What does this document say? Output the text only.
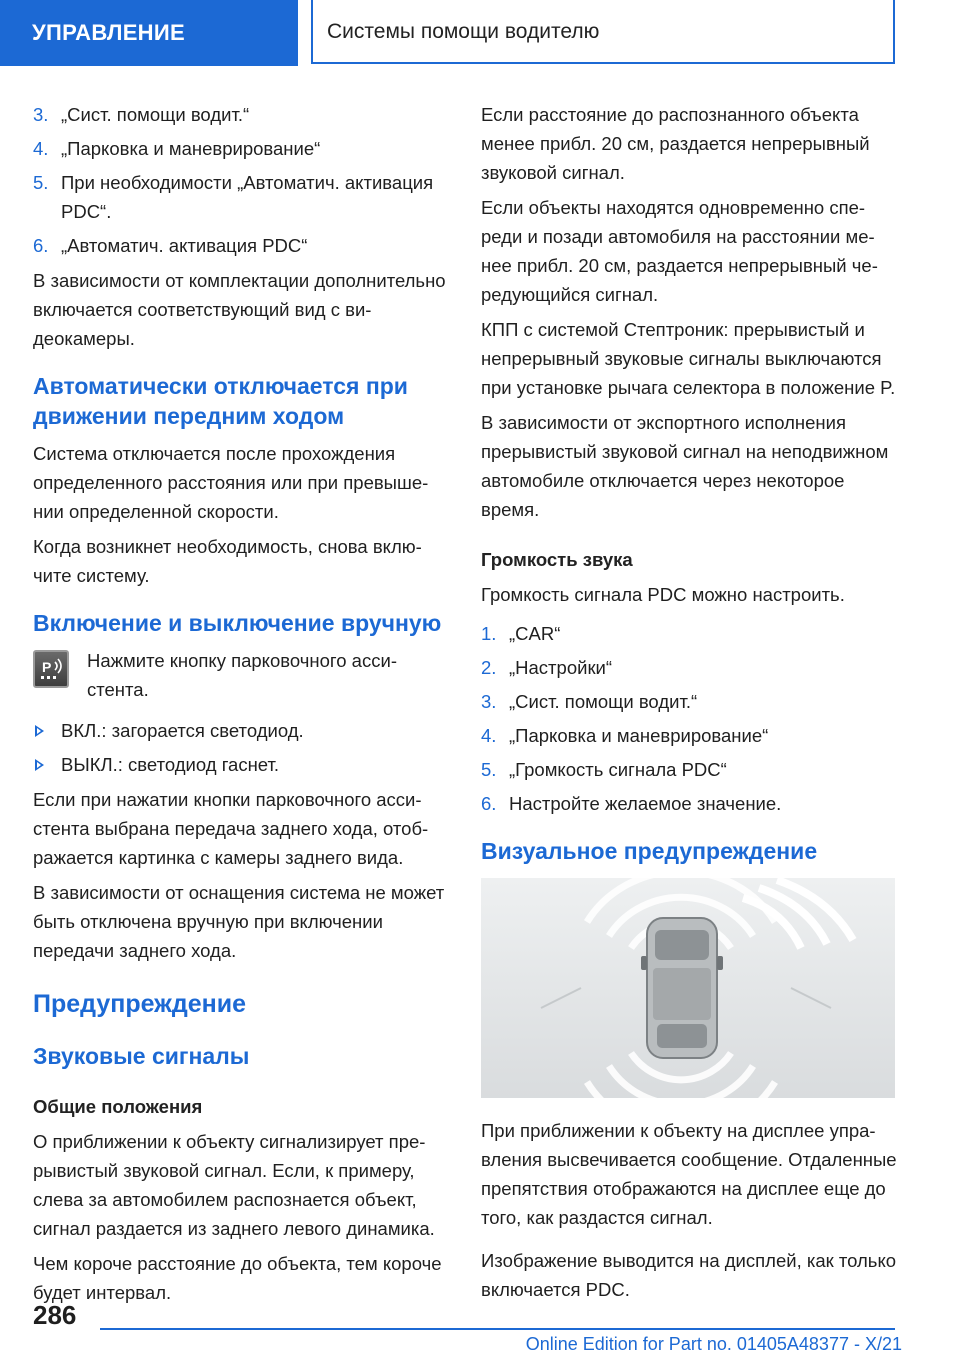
УПРАВЛЕНИЕ	Системы помощи водителю
3. „Сист. помощи водит.“
4. „Парковка и маневрирование“
5. При необходимости „Автоматич. активация PDC“.
6. „Автоматич. активация PDC“

В зависимости от комплектации дополнительно включается соответствующий вид с видеокамеры.

Автоматически отключается при движении передним ходом

Система отключается после прохождения определенного расстояния или при превышении определенной скорости.

Когда возникнет необходимость, снова включите систему.

Включение и выключение вручную
P Нажмите кнопку парковочного ассистента.
ВКЛ.: загорается светодиод.
ВЫКЛ.: светодиод гаснет.

Если при нажатии кнопки парковочного ассистента выбрана передача заднего хода, отображается картинка с камеры заднего вида.

В зависимости от оснащения система не может быть отключена вручную при включении передачи заднего хода.

Предупреждение
Звуковые сигналы
Общие положения

О приближении к объекту сигнализирует прерывистый звуковой сигнал. Если, к примеру, слева за автомобилем распознается объект, сигнал раздается из заднего левого динамика.

Чем короче расстояние до объекта, тем короче будет интервал.

Если расстояние до распознанного объекта менее прибл. 20 см, раздается непрерывный звуковой сигнал.

Если объекты находятся одновременно спереди и позади автомобиля на расстоянии менее прибл. 20 см, раздается непрерывный чередующийся сигнал.

КПП с системой Стептроник: прерывистый и непрерывный звуковые сигналы выключаются при установке рычага селектора в положение P.

В зависимости от экспортного исполнения прерывистый звуковой сигнал на неподвижном автомобиле отключается через некоторое время.

Громкость звука

Громкость сигнала PDC можно настроить.

1. „CAR“
2. „Настройки“
3. „Сист. помощи водит.“
4. „Парковка и маневрирование“
5. „Громкость сигнала PDC“
6. Настройте желаемое значение.
Визуальное предупреждение

При приближении к объекту на дисплее управления высвечивается сообщение. Отдаленные препятствия отображаются на дисплее еще до того, как раздастся сигнал.

Изображение выводится на дисплей, как только включается PDC.

286
Online Edition for Part no. 01405A48377 - X/21
